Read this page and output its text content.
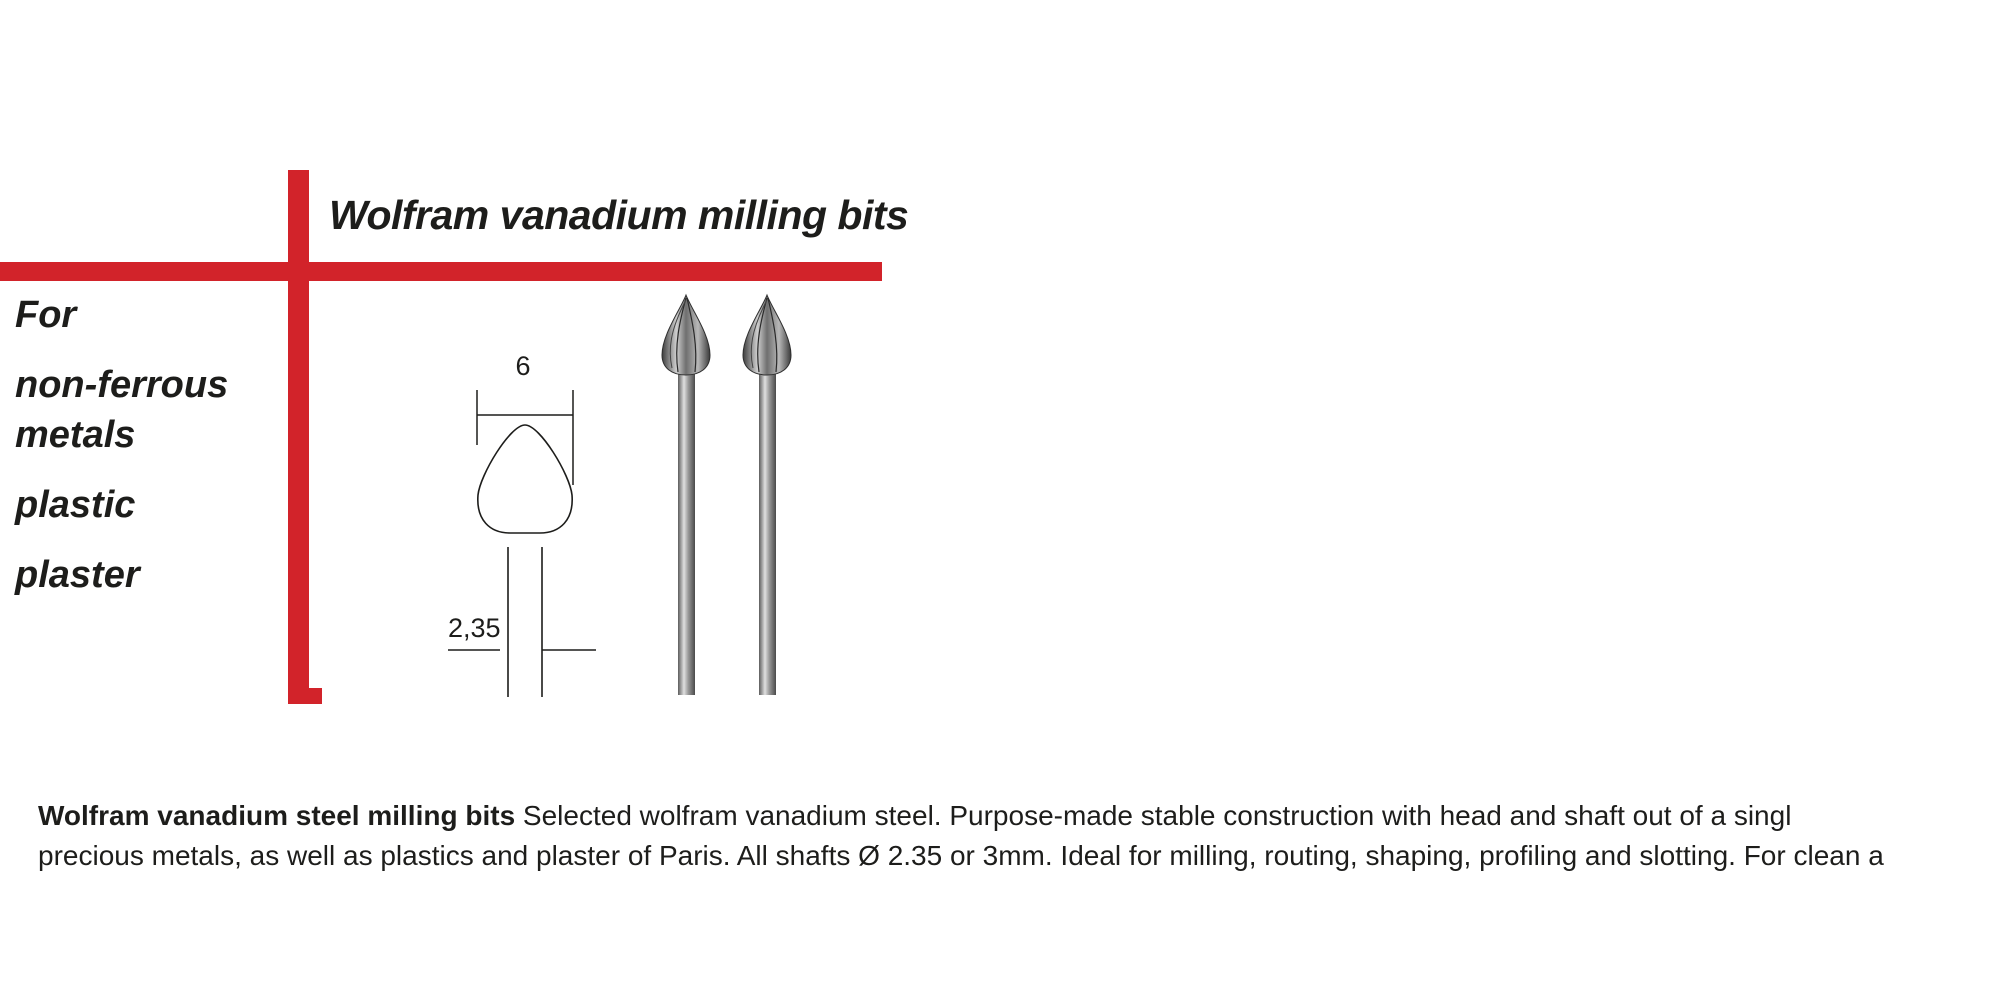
Wolfram vanadium milling bits

For

non-ferrous metals

plastic

plaster

6
2,35

Wolfram vanadium steel milling bits Selected wolfram vanadium steel. Purpose-made stable construction with head and shaft out of a singl

precious metals, as well as plastics and plaster of Paris. All shafts Ø 2.35 or 3mm. Ideal for milling, routing, shaping, profiling and slotting. For clean a
